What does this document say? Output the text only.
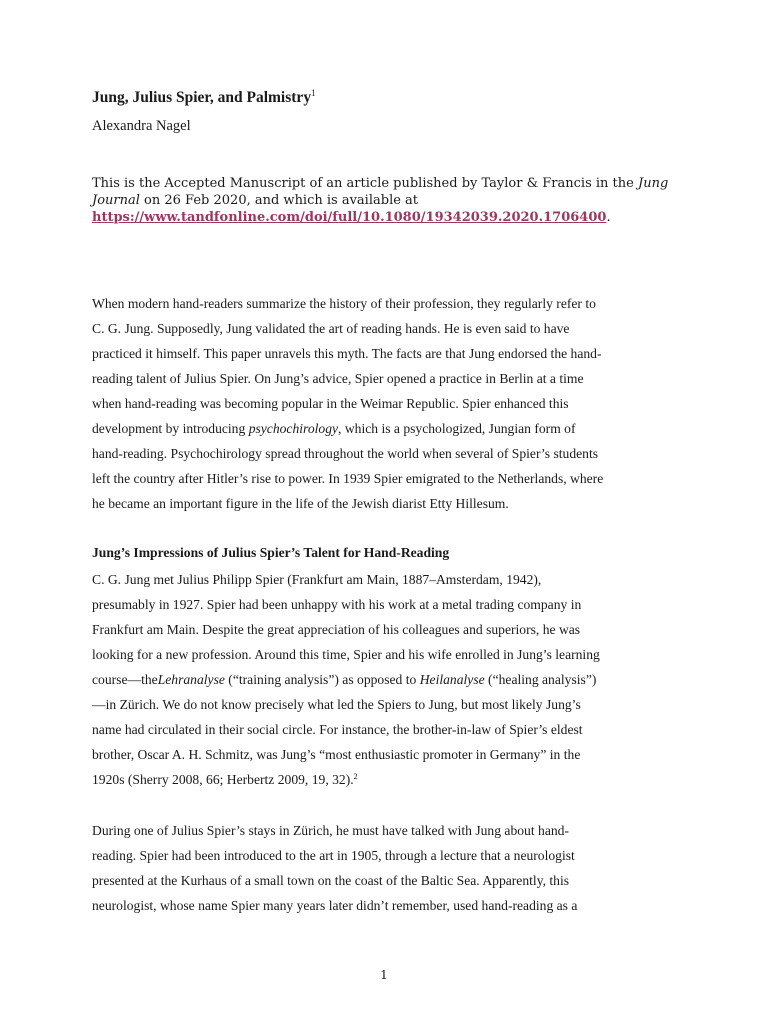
Jung, Julius Spier, and Palmistry$^1$

Alexandra Nagel

This is the Accepted Manuscript of an article published by Taylor & Francis in the Jung
Journal on 26 Feb 2020, and which is available at
https://www.tandfonline.com/doi/full/10.1080/19342039.2020.1706400.

When modern hand-readers summarize the history of their profession, they regularly refer to
C. G. Jung. Supposedly, Jung validated the art of reading hands. He is even said to have
practiced it himself. This paper unravels this myth. The facts are that Jung endorsed the hand-
reading talent of Julius Spier. On Jung’s advice, Spier opened a practice in Berlin at a time
when hand-reading was becoming popular in the Weimar Republic. Spier enhanced this
development by introducing psychochirology, which is a psychologized, Jungian form of
hand-reading. Psychochirology spread throughout the world when several of Spier’s students
left the country after Hitler’s rise to power. In 1939 Spier emigrated to the Netherlands, where
he became an important figure in the life of the Jewish diarist Etty Hillesum.
Jung’s Impressions of Julius Spier’s Talent for Hand-Reading
C. G. Jung met Julius Philipp Spier (Frankfurt am Main, 1887–Amsterdam, 1942),
presumably in 1927. Spier had been unhappy with his work at a metal trading company in
Frankfurt am Main. Despite the great appreciation of his colleagues and superiors, he was
looking for a new profession. Around this time, Spier and his wife enrolled in Jung’s learning
course—theLehranalyse (“training analysis”) as opposed to Heilanalyse (“healing analysis”)
—in Zürich. We do not know precisely what led the Spiers to Jung, but most likely Jung’s
name had circulated in their social circle. For instance, the brother-in-law of Spier’s eldest
brother, Oscar A. H. Schmitz, was Jung’s “most enthusiastic promoter in Germany” in the
1920s (Sherry 2008, 66; Herbertz 2009, 19, 32).$^2$
During one of Julius Spier’s stays in Zürich, he must have talked with Jung about hand-
reading. Spier had been introduced to the art in 1905, through a lecture that a neurologist
presented at the Kurhaus of a small town on the coast of the Baltic Sea. Apparently, this
neurologist, whose name Spier many years later didn’t remember, used hand-reading as a

1
